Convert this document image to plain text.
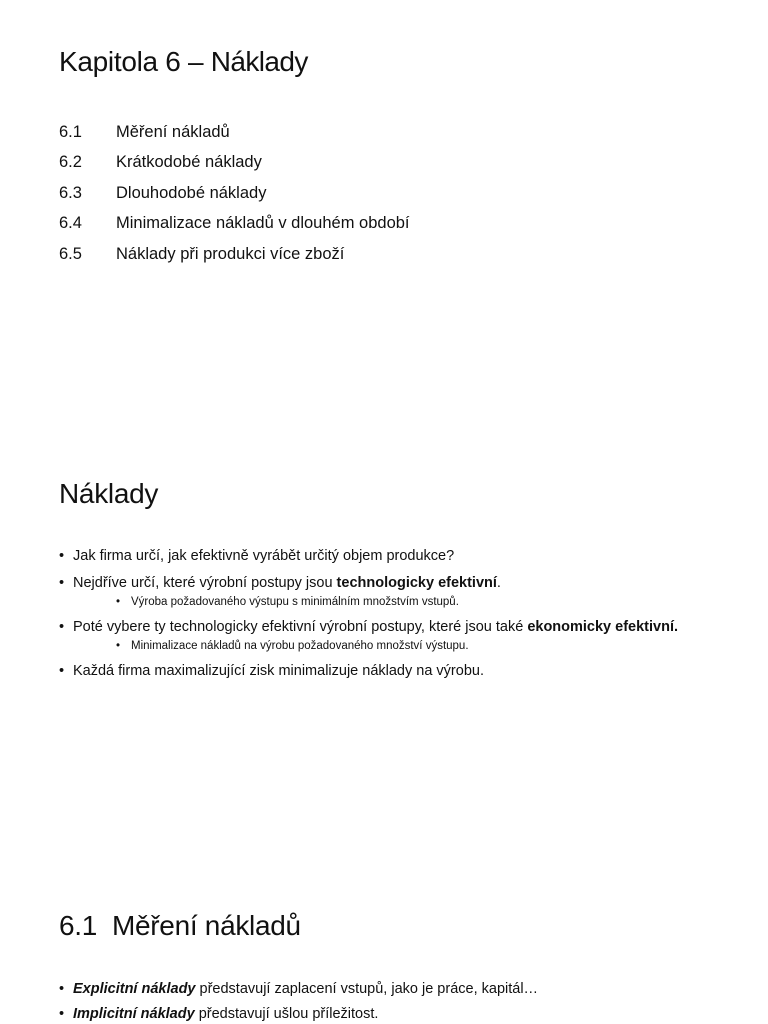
Kapitola 6 – Náklady
6.1	Měření nákladů
6.2	Krátkodobé náklady
6.3	Dlouhodobé náklady
6.4	Minimalizace nákladů v dlouhém období
6.5	Náklady při produkci více zboží
Náklady
• Jak firma určí, jak efektivně vyrábět určitý objem produkce?
• Nejdříve určí, které výrobní postupy jsou technologicky efektivní.
• Výroba požadovaného výstupu s minimálním množstvím vstupů.
• Poté vybere ty technologicky efektivní výrobní postupy, které jsou také ekonomicky efektivní.
• Minimalizace nákladů na výrobu požadovaného množství výstupu.
• Každá firma maximalizující zisk minimalizuje náklady na výrobu.
6.1  Měření nákladů
• Explicitní náklady představují zaplacení vstupů, jako je práce, kapitál…
• Implicitní náklady představují ušlou příležitost.
